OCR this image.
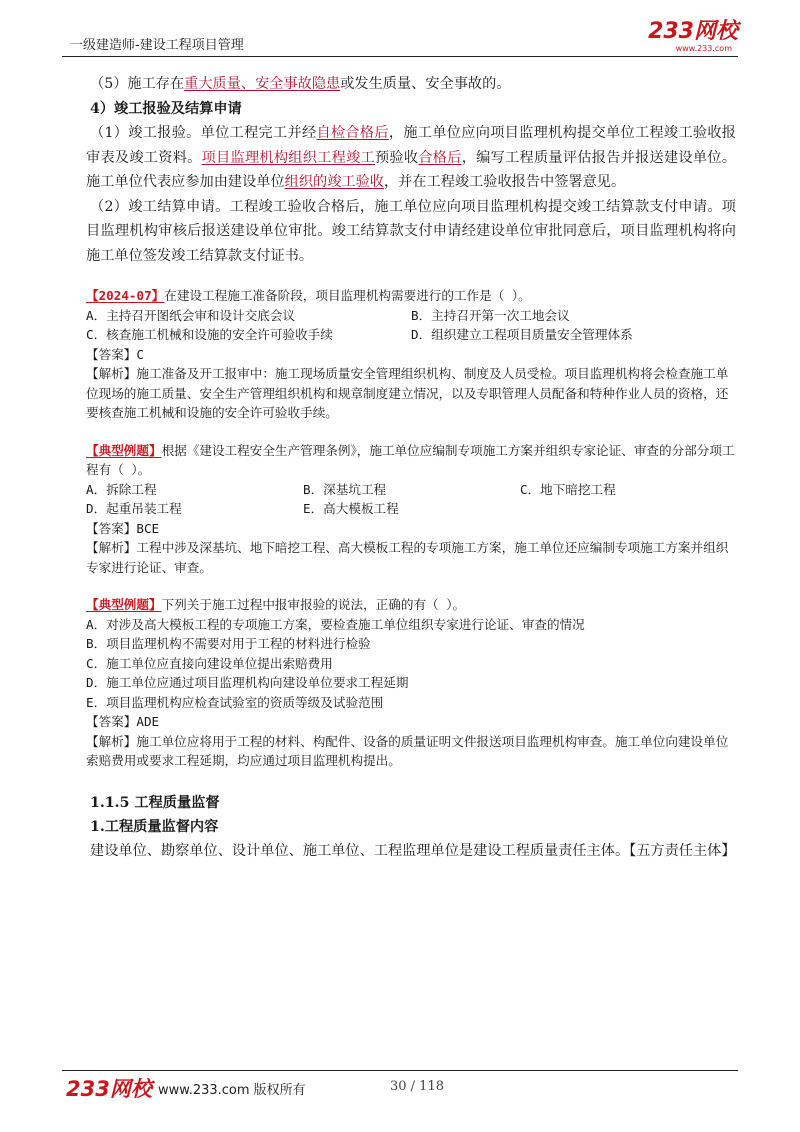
一级建造师-建设工程项目管理
233网校
www.233.com

（5）施工存在重大质量、安全事故隐患或发生质量、安全事故的。

4）竣工报验及结算申请

（1）竣工报验。单位工程完工并经自检合格后，施工单位应向项目监理机构提交单位工程竣工验收报审表及竣工资料。项目监理机构组织工程竣工预验收合格后，编写工程质量评估报告并报送建设单位。施工单位代表应参加由建设单位组织的竣工验收，并在工程竣工验收报告中签署意见。

（2）竣工结算申请。工程竣工验收合格后，施工单位应向项目监理机构提交竣工结算款支付申请。项目监理机构审核后报送建设单位审批。竣工结算款支付申请经建设单位审批同意后，项目监理机构将向施工单位签发竣工结算款支付证书。

【2024-07】在建设工程施工准备阶段，项目监理机构需要进行的工作是（ ）。

A．主持召开图纸会审和设计交底会议	B．主持召开第一次工地会议
C．核查施工机械和设施的安全许可验收手续	D．组织建立工程项目质量安全管理体系

【答案】C

【解析】施工准备及开工报审中：施工现场质量安全管理组织机构、制度及人员受检。项目监理机构将会检查施工单位现场的施工质量、安全生产管理组织机构和规章制度建立情况，以及专职管理人员配备和特种作业人员的资格，还要核查施工机械和设施的安全许可验收手续。

【典型例题】根据《建设工程安全生产管理条例》，施工单位应编制专项施工方案并组织专家论证、审查的分部分项工程有（ ）。

A．拆除工程	B．深基坑工程	C．地下暗挖工程
D．起重吊装工程	E．高大模板工程

【答案】BCE

【解析】工程中涉及深基坑、地下暗挖工程、高大模板工程的专项施工方案，施工单位还应编制专项施工方案并组织专家进行论证、审查。

【典型例题】下列关于施工过程中报审报验的说法，正确的有（ ）。

A．对涉及高大模板工程的专项施工方案，要检查施工单位组织专家进行论证、审查的情况

B．项目监理机构不需要对用于工程的材料进行检验

C．施工单位应直接向建设单位提出索赔费用

D．施工单位应通过项目监理机构向建设单位要求工程延期

E．项目监理机构应检查试验室的资质等级及试验范围

【答案】ADE

【解析】施工单位应将用于工程的材料、构配件、设备的质量证明文件报送项目监理机构审查。施工单位向建设单位索赔费用或要求工程延期，均应通过项目监理机构提出。

1.1.5 工程质量监督

1.工程质量监督内容

建设单位、勘察单位、设计单位、施工单位、工程监理单位是建设工程质量责任主体。【五方责任主体】

233网校 www.233.com 版权所有	30 / 118
